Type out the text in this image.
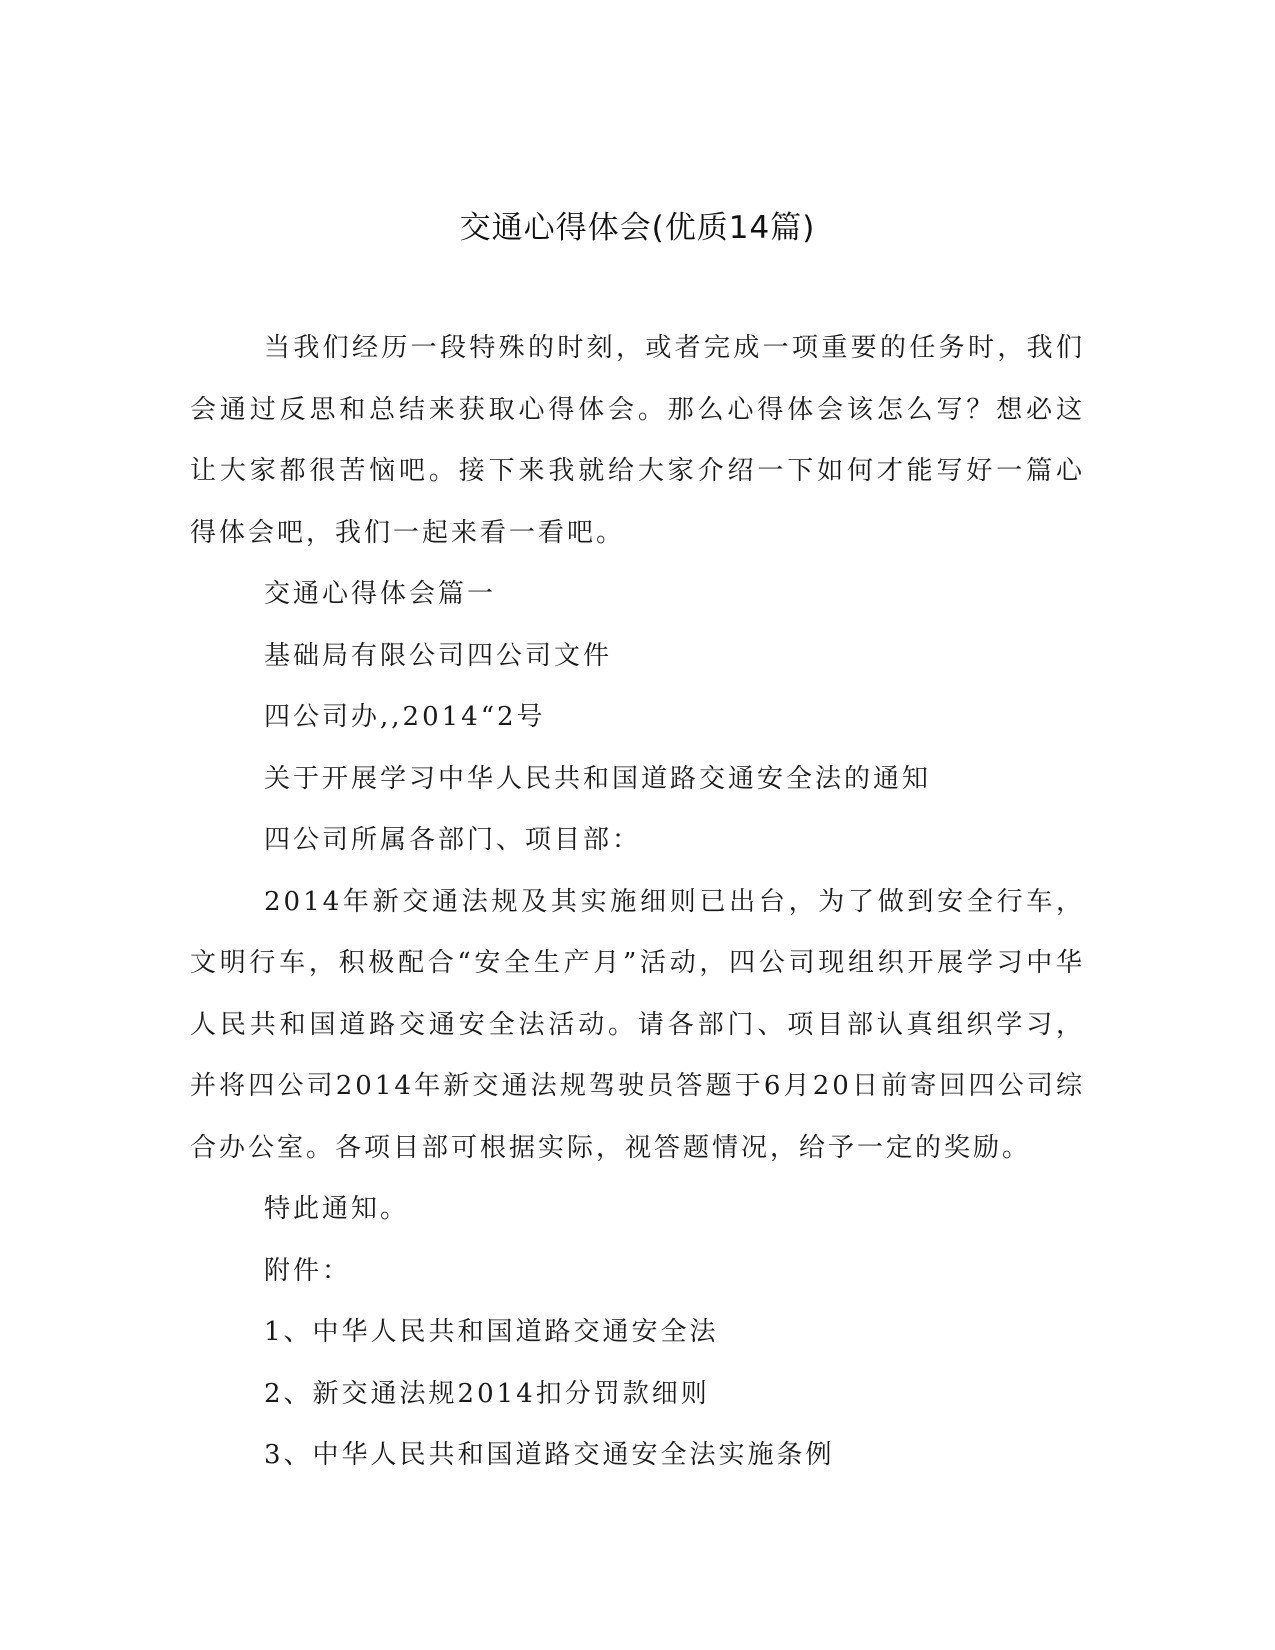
交通心得体会(优质14篇)

当我们经历一段特殊的时刻，或者完成一项重要的任务时，我们会通过反思和总结来获取心得体会。那么心得体会该怎么写？想必这让大家都很苦恼吧。接下来我就给大家介绍一下如何才能写好一篇心得体会吧，我们一起来看一看吧。

交通心得体会篇一

基础局有限公司四公司文件

四公司办,,2014“2号

关于开展学习中华人民共和国道路交通安全法的通知

四公司所属各部门、项目部：

2014年新交通法规及其实施细则已出台，为了做到安全行车，文明行车，积极配合“安全生产月”活动，四公司现组织开展学习中华人民共和国道路交通安全法活动。请各部门、项目部认真组织学习，并将四公司2014年新交通法规驾驶员答题于6月20日前寄回四公司综合办公室。各项目部可根据实际，视答题情况，给予一定的奖励。

特此通知。

附件：

1、中华人民共和国道路交通安全法

2、新交通法规2014扣分罚款细则

3、中华人民共和国道路交通安全法实施条例
